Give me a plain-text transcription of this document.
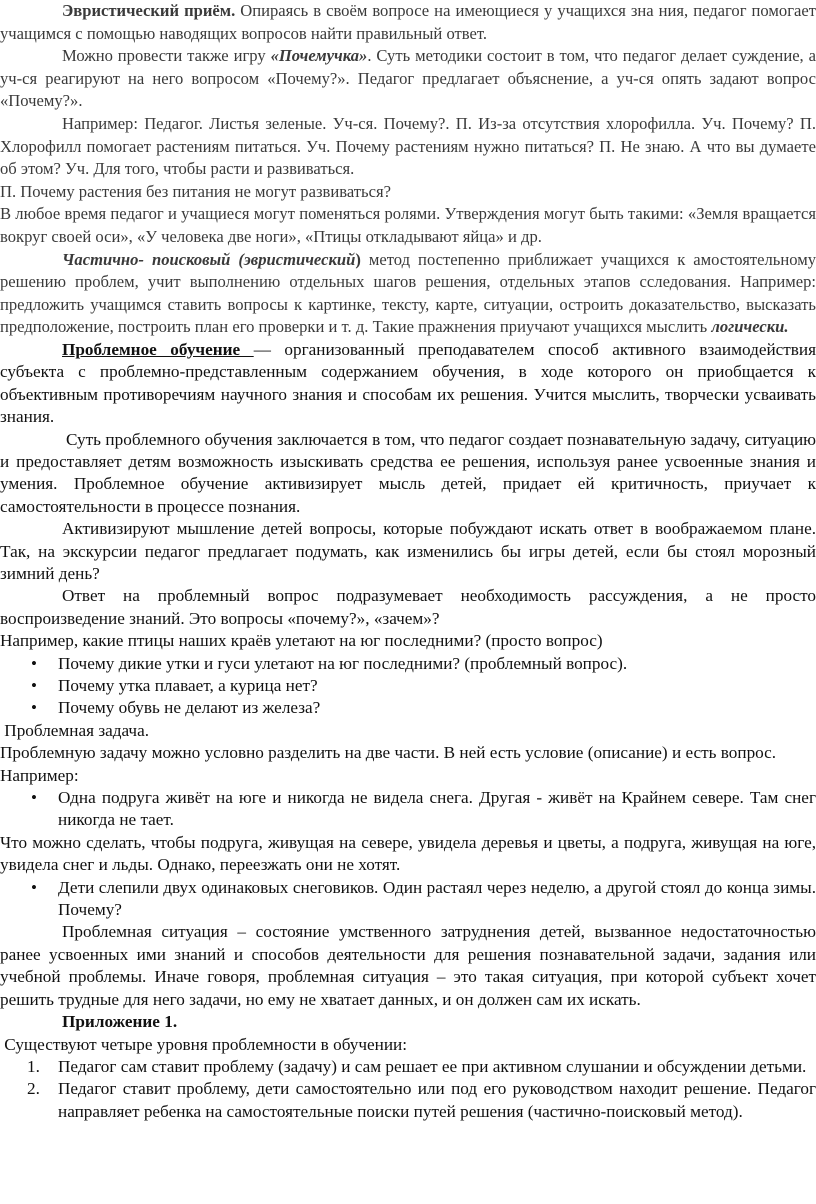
Эвристический приём. Опираясь в своём вопросе на имеющиеся у учащихся зна ния, педагог помогает учащимся с помощью наводящих вопросов найти правильный ответ.

Можно провести также игру «Почемучка». Суть методики состоит в том, что педагог делает суждение, а уч-ся реагируют на него вопросом «Почему?». Педагог предлагает объяснение, а уч-ся опять задают вопрос «Почему?».

Например: Педагог. Листья зеленые. Уч-ся. Почему?. П. Из-за отсутствия хлорофилла. Уч. Почему? П. Хлорофилл помогает растениям питаться. Уч. Почему растениям нужно питаться? П. Не знаю. А что вы думаете об этом? Уч. Для того, чтобы расти и развиваться.

П. Почему растения без питания не могут развиваться?

В любое время педагог и учащиеся могут поменяться ролями. Утверждения могут быть такими: «Земля вращается вокруг своей оси», «У человека две ноги», «Птицы откладывают яйца» и др.

Частично- поисковый (эвристический) метод постепенно приближает учащихся к амостоятельному решению проблем, учит выполнению отдельных шагов решения, отдельных этапов сследования. Например: предложить учащимся ставить вопросы к картинке, тексту, карте, ситуации, остроить доказательство, высказать предположение, построить план его проверки и т. д. Такие пражнения приучают учащихся мыслить логически.

Проблемное обучение — организованный преподавателем способ активного взаимодействия субъекта с проблемно-представленным содержанием обучения, в ходе которого он приобщается к объективным противоречиям научного знания и способам их решения. Учится мыслить, творчески усваивать знания.

Суть проблемного обучения заключается в том, что педагог создает познавательную задачу, ситуацию и предоставляет детям возможность изыскивать средства ее решения, используя ранее усвоенные знания и умения. Проблемное обучение активизирует мысль детей, придает ей критичность, приучает к самостоятельности в процессе познания.

Активизируют мышление детей вопросы, которые побуждают искать ответ в воображаемом плане. Так, на экскурсии педагог предлагает подумать, как изменились бы игры детей, если бы стоял морозный зимний день?

Ответ на проблемный вопрос подразумевает необходимость рассуждения, а не просто воспроизведение знаний. Это вопросы «почему?», «зачем»?

Например, какие птицы наших краёв улетают на юг последними? (просто вопрос)

• Почему дикие утки и гуси улетают на юг последними? (проблемный вопрос).
• Почему утка плавает, а курица нет?
• Почему обувь не делают из железа?

Проблемная задача.

Проблемную задачу можно условно разделить на две части. В ней есть условие (описание) и есть вопрос.

Например:

• Одна подруга живёт на юге и никогда не видела снега. Другая - живёт на Крайнем севере. Там снег никогда не тает.

Что можно сделать, чтобы подруга, живущая на севере, увидела деревья и цветы, а подруга, живущая на юге, увидела снег и льды. Однако, переезжать они не хотят.

• Дети слепили двух одинаковых снеговиков. Один растаял через неделю, а другой стоял до конца зимы. Почему?

Проблемная ситуация – состояние умственного затруднения детей, вызванное недостаточностью ранее усвоенных ими знаний и способов деятельности для решения познавательной задачи, задания или учебной проблемы. Иначе говоря, проблемная ситуация – это такая ситуация, при которой субъект хочет решить трудные для него задачи, но ему не хватает данных, и он должен сам их искать.

Приложение 1.

Существуют четыре уровня проблемности в обучении:

1. Педагог сам ставит проблему (задачу) и сам решает ее при активном слушании и обсуждении детьми.
2. Педагог ставит проблему, дети самостоятельно или под его руководством находит решение. Педагог направляет ребенка на самостоятельные поиски путей решения (частично-поисковый метод).
